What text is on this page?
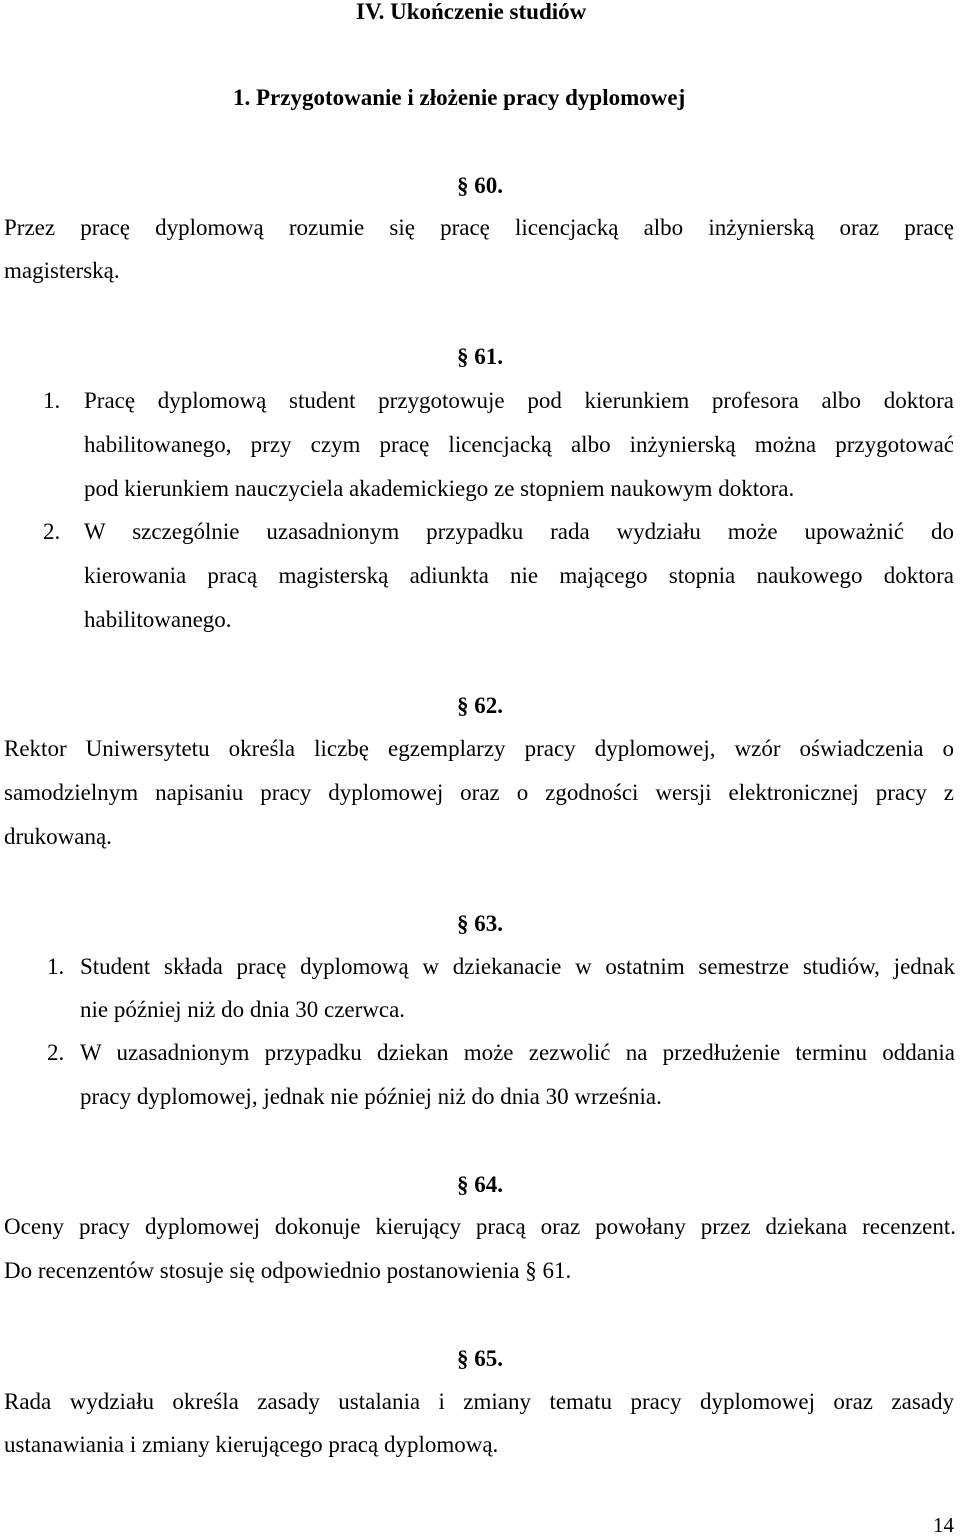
IV. Ukończenie studiów
1. Przygotowanie i złożenie pracy dyplomowej
§ 60.
Przez pracę dyplomową rozumie się pracę licencjacką albo inżynierską oraz pracę
magisterską.
§ 61.
1. Pracę dyplomową student przygotowuje pod kierunkiem profesora albo doktora
habilitowanego, przy czym pracę licencjacką albo inżynierską można przygotować
pod kierunkiem nauczyciela akademickiego ze stopniem naukowym doktora.
2. W szczególnie uzasadnionym przypadku rada wydziału może upoważnić do
kierowania pracą magisterską adiunkta nie mającego stopnia naukowego doktora
habilitowanego.
§ 62.
Rektor Uniwersytetu określa liczbę egzemplarzy pracy dyplomowej, wzór oświadczenia o
samodzielnym napisaniu pracy dyplomowej oraz o zgodności wersji elektronicznej pracy z
drukowaną.
§ 63.
1. Student składa pracę dyplomową w dziekanacie w ostatnim semestrze studiów, jednak
nie później niż do dnia 30 czerwca.
2. W uzasadnionym przypadku dziekan może zezwolić na przedłużenie terminu oddania
pracy dyplomowej, jednak nie później niż do dnia 30 września.
§ 64.
Oceny pracy dyplomowej dokonuje kierujący pracą oraz powołany przez dziekana recenzent.
Do recenzentów stosuje się odpowiednio postanowienia § 61.
§ 65.
Rada wydziału określa zasady ustalania i zmiany tematu pracy dyplomowej oraz zasady
ustanawiania i zmiany kierującego pracą dyplomową.
14
